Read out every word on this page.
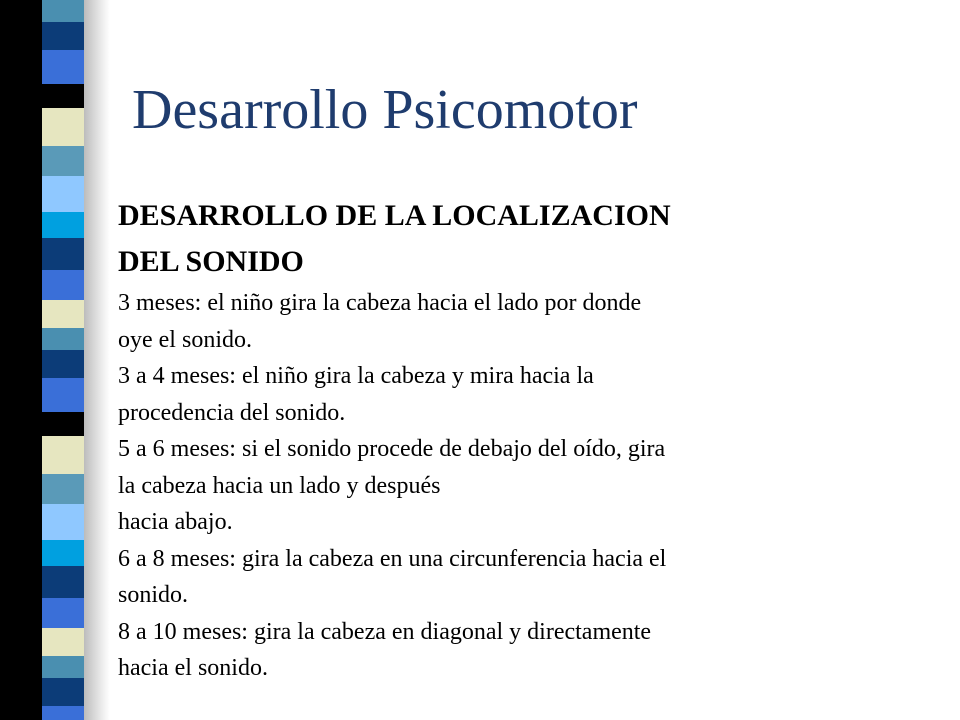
Desarrollo Psicomotor

DESARROLLO DE LA LOCALIZACION

DEL SONIDO

3 meses: el niño gira la cabeza hacia el lado por donde

oye el sonido.

3 a 4 meses: el niño gira la cabeza y mira hacia la

procedencia del sonido.

5 a 6 meses: si el sonido procede de debajo del oído, gira

la cabeza hacia un lado y después

hacia abajo.

6 a 8 meses: gira la cabeza en una circunferencia hacia el

sonido.

8 a 10 meses: gira la cabeza en diagonal y directamente

hacia el sonido.
